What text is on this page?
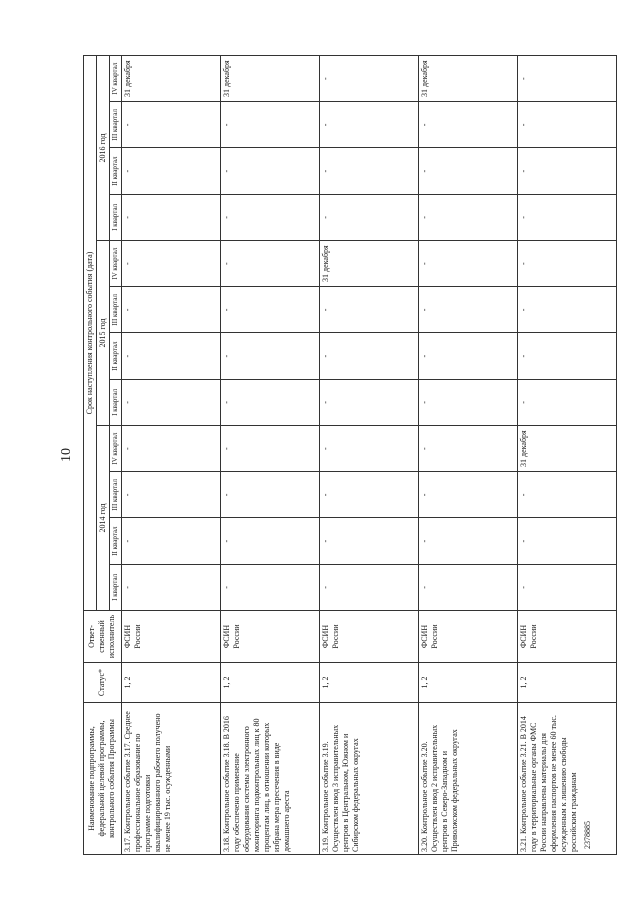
10
Наименование подпрограммы, федеральной целевой программы, контрольного события Программы	Статус*	Ответ-ственный исполнитель	Срок наступления контрольного события (дата)											
			2014 год				2015 год				2016 год			
			I квартал	II квартал	III квартал	IV квартал	I квартал	II квартал	III квартал	IV квартал	I квартал	II квартал	III квартал	IV квартал
3.17. Контрольное событие 3.17. Среднее профессиональное образование по программе подготовки квалифицированного рабочего получено не менее 19 тыс. осужденными	1, 2	ФСИН России	-	-	-	-	-	-	-	-	-	-	-	31 декабря
3.18. Контрольное событие 3.18. В 2016 году обеспечено применение оборудования системы электронного мониторинга подконтрольных лиц к 80 процентам лиц, в отношении которых избрана мера пресечения в виде домашнего ареста	1, 2	ФСИН России	-	-	-	-	-	-	-	-	-	-	-	31 декабря
3.19. Контрольное событие 3.19. Осуществлен ввод 3 исправительных центров в Центральном, Южном и Сибирском федеральных округах	1, 2	ФСИН России	-	-	-	-	-	-	-	31 декабря	-	-	-	-
3.20. Контрольное событие 3.20. Осуществлен ввод 2 исправительных центров в Северо-Западном и Приволжском федеральных округах	1, 2	ФСИН России	-	-	-	-	-	-	-	-	-	-	-	31 декабря
3.21. Контрольное событие 3.21. В 2014 году в территориальные органы ФМС России направлены материалы для оформления паспортов не менее 60 тыс. осужденным к лишению свободы российским гражданам	1, 2	ФСИН России	-	-	-	31 декабря	-	-	-	-	-	-	-	-
2378885
